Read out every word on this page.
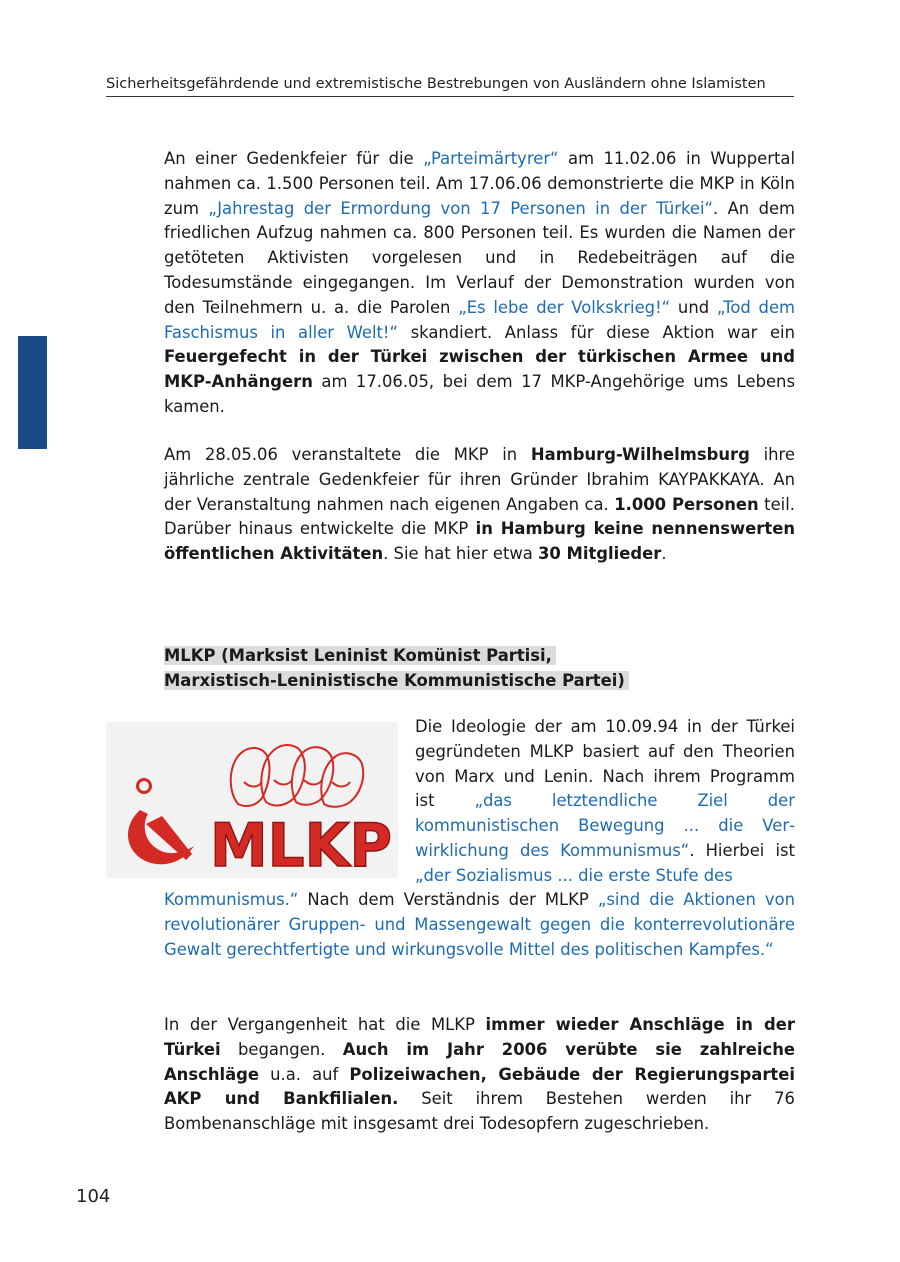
Sicherheitsgefährdende und extremistische Bestrebungen von Ausländern ohne Islamisten

An einer Gedenkfeier für die „Parteimärtyrer“ am 11.02.06 in Wuppertal nahmen ca. 1.500 Personen teil. Am 17.06.06 demonstrierte die MKP in Köln zum „Jahrestag der Ermordung von 17 Personen in der Türkei“. An dem friedlichen Aufzug nahmen ca. 800 Personen teil. Es wurden die Namen der getöteten Aktivisten vorgelesen und in Redebeiträgen auf die Todesumstände eingegangen. Im Verlauf der Demonstration wurden von den Teilnehmern u. a. die Parolen „Es lebe der Volkskrieg!“ und „Tod dem Faschismus in aller Welt!“ skandiert. Anlass für diese Aktion war ein Feuergefecht in der Türkei zwischen der türkischen Armee und MKP-Anhängern am 17.06.05, bei dem 17 MKP-Angehörige ums Lebens kamen.

Am 28.05.06 veranstaltete die MKP in Hamburg-Wilhelmsburg ihre jährliche zentrale Gedenkfeier für ihren Gründer Ibrahim KAYPAKKAYA. An der Veranstaltung nahmen nach eigenen Angaben ca. 1.000 Personen teil. Darüber hinaus entwickelte die MKP in Hamburg keine nennenswerten öffentlichen Aktivitäten. Sie hat hier etwa 30 Mitglieder.

MLKP (Marksist Leninist Komünist Partisi,
Marxistisch-Leninistische Kommunistische Partei)
MLKP

Die Ideologie der am 10.09.94 in der Türkei gegründeten MLKP basiert auf den Theorien von Marx und Lenin. Nach ihrem Programm ist „das letztendliche Ziel der kommunistischen Bewegung ... die Verwirklichung des Kommunismus“. Hierbei ist „der Sozialismus ... die erste Stufe des

Kommunismus.“ Nach dem Verständnis der MLKP „sind die Aktionen von revolutionärer Gruppen- und Massengewalt gegen die konterrevolutionäre Gewalt gerechtfertigte und wirkungsvolle Mittel des politischen Kampfes.“

In der Vergangenheit hat die MLKP immer wieder Anschläge in der Türkei begangen. Auch im Jahr 2006 verübte sie zahlreiche Anschläge u.a. auf Polizeiwachen, Gebäude der Regierungspartei AKP und Bankfilialen. Seit ihrem Bestehen werden ihr 76 Bombenanschläge mit insgesamt drei Todesopfern zugeschrieben.

104
